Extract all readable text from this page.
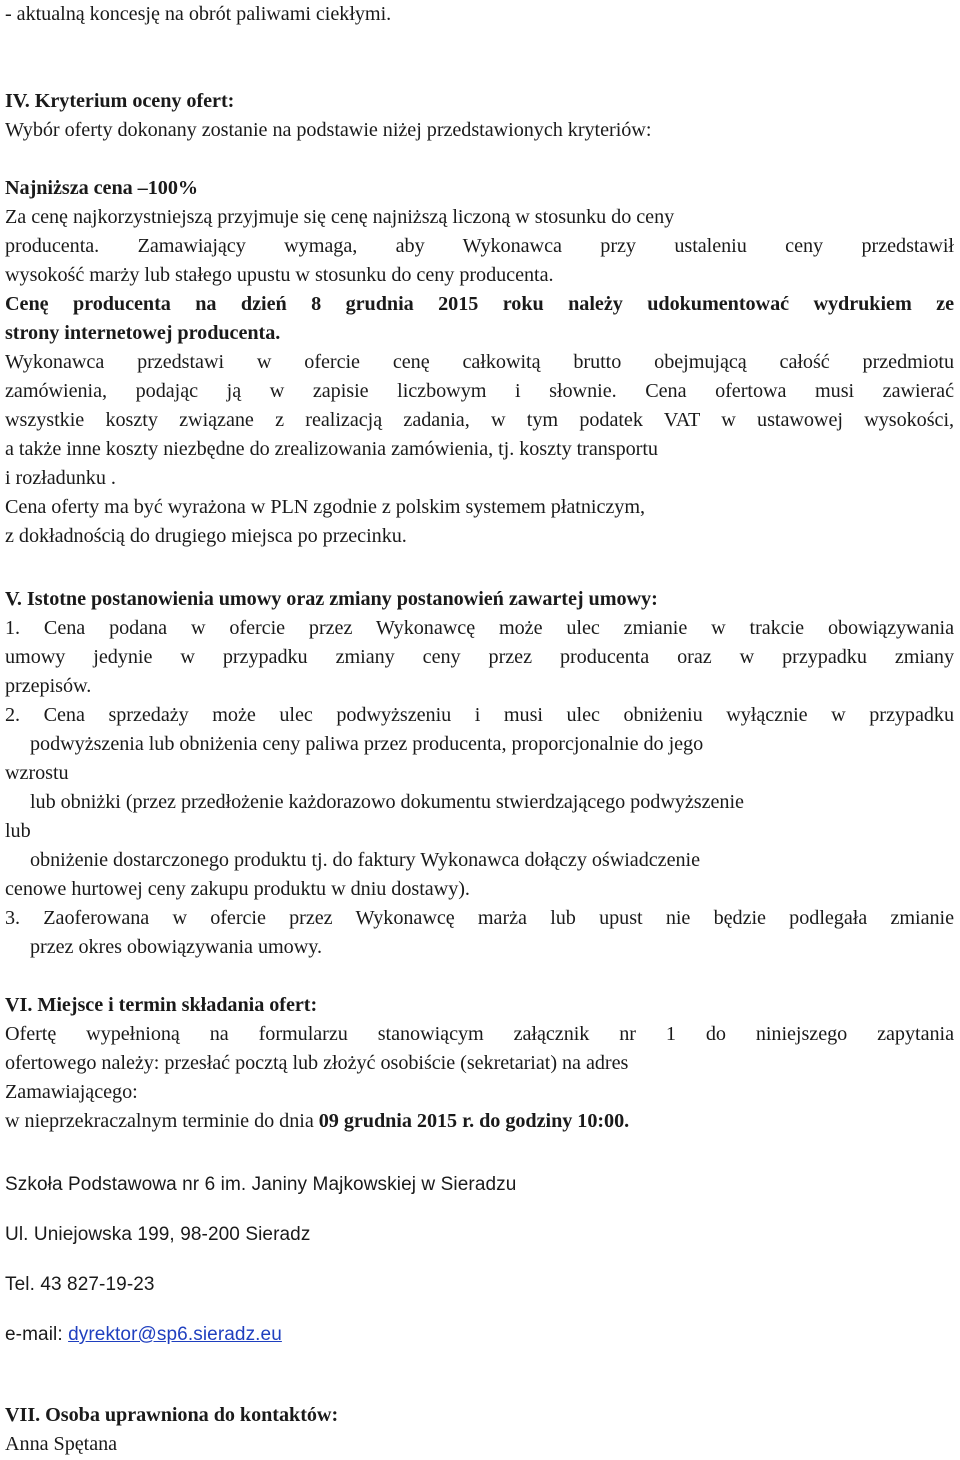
- aktualną koncesję na obrót paliwami ciekłymi.
IV. Kryterium oceny ofert:
Wybór oferty dokonany zostanie na podstawie niżej przedstawionych kryteriów:
Najniższa cena –100%
Za cenę najkorzystniejszą przyjmuje się cenę najniższą liczoną w stosunku do ceny
producenta. Zamawiający wymaga, aby Wykonawca przy ustaleniu ceny przedstawił
wysokość marży lub stałego upustu w stosunku do ceny producenta.
Cenę producenta na dzień 8 grudnia 2015 roku należy udokumentować wydrukiem ze
strony internetowej producenta.
Wykonawca przedstawi w ofercie cenę całkowitą brutto obejmującą całość przedmiotu
zamówienia, podając ją w zapisie liczbowym i słownie. Cena ofertowa musi zawierać
wszystkie koszty związane z realizacją zadania, w tym podatek VAT w ustawowej wysokości,
a także inne koszty niezbędne do zrealizowania zamówienia, tj. koszty transportu
i rozładunku .
Cena oferty ma być wyrażona w PLN zgodnie z polskim systemem płatniczym,
z dokładnością do drugiego miejsca po przecinku.
V. Istotne postanowienia umowy oraz zmiany postanowień zawartej umowy:
1. Cena podana w ofercie przez Wykonawcę może ulec zmianie w trakcie obowiązywania
umowy jedynie w przypadku zmiany ceny przez producenta oraz w przypadku zmiany
przepisów.
2. Cena sprzedaży może ulec podwyższeniu i musi ulec obniżeniu wyłącznie w przypadku
podwyższenia lub obniżenia ceny paliwa przez producenta, proporcjonalnie do jego
wzrostu
lub obniżki (przez przedłożenie każdorazowo dokumentu stwierdzającego podwyższenie
lub
obniżenie dostarczonego produktu tj. do faktury Wykonawca dołączy oświadczenie
cenowe hurtowej ceny zakupu produktu w dniu dostawy).
3. Zaoferowana w ofercie przez Wykonawcę marża lub upust nie będzie podlegała zmianie
przez okres obowiązywania umowy.
VI. Miejsce i termin składania ofert:
Ofertę wypełnioną na formularzu stanowiącym załącznik nr 1 do niniejszego zapytania
ofertowego należy: przesłać pocztą lub złożyć osobiście (sekretariat) na adres
Zamawiającego:
w nieprzekraczalnym terminie do dnia 09 grudnia 2015 r. do godziny 10:00.
Szkoła Podstawowa nr 6 im. Janiny Majkowskiej w Sieradzu
Ul. Uniejowska 199, 98-200 Sieradz
Tel. 43 827-19-23
e-mail: dyrektor@sp6.sieradz.eu
VII. Osoba uprawniona do kontaktów:
Anna Spętana
